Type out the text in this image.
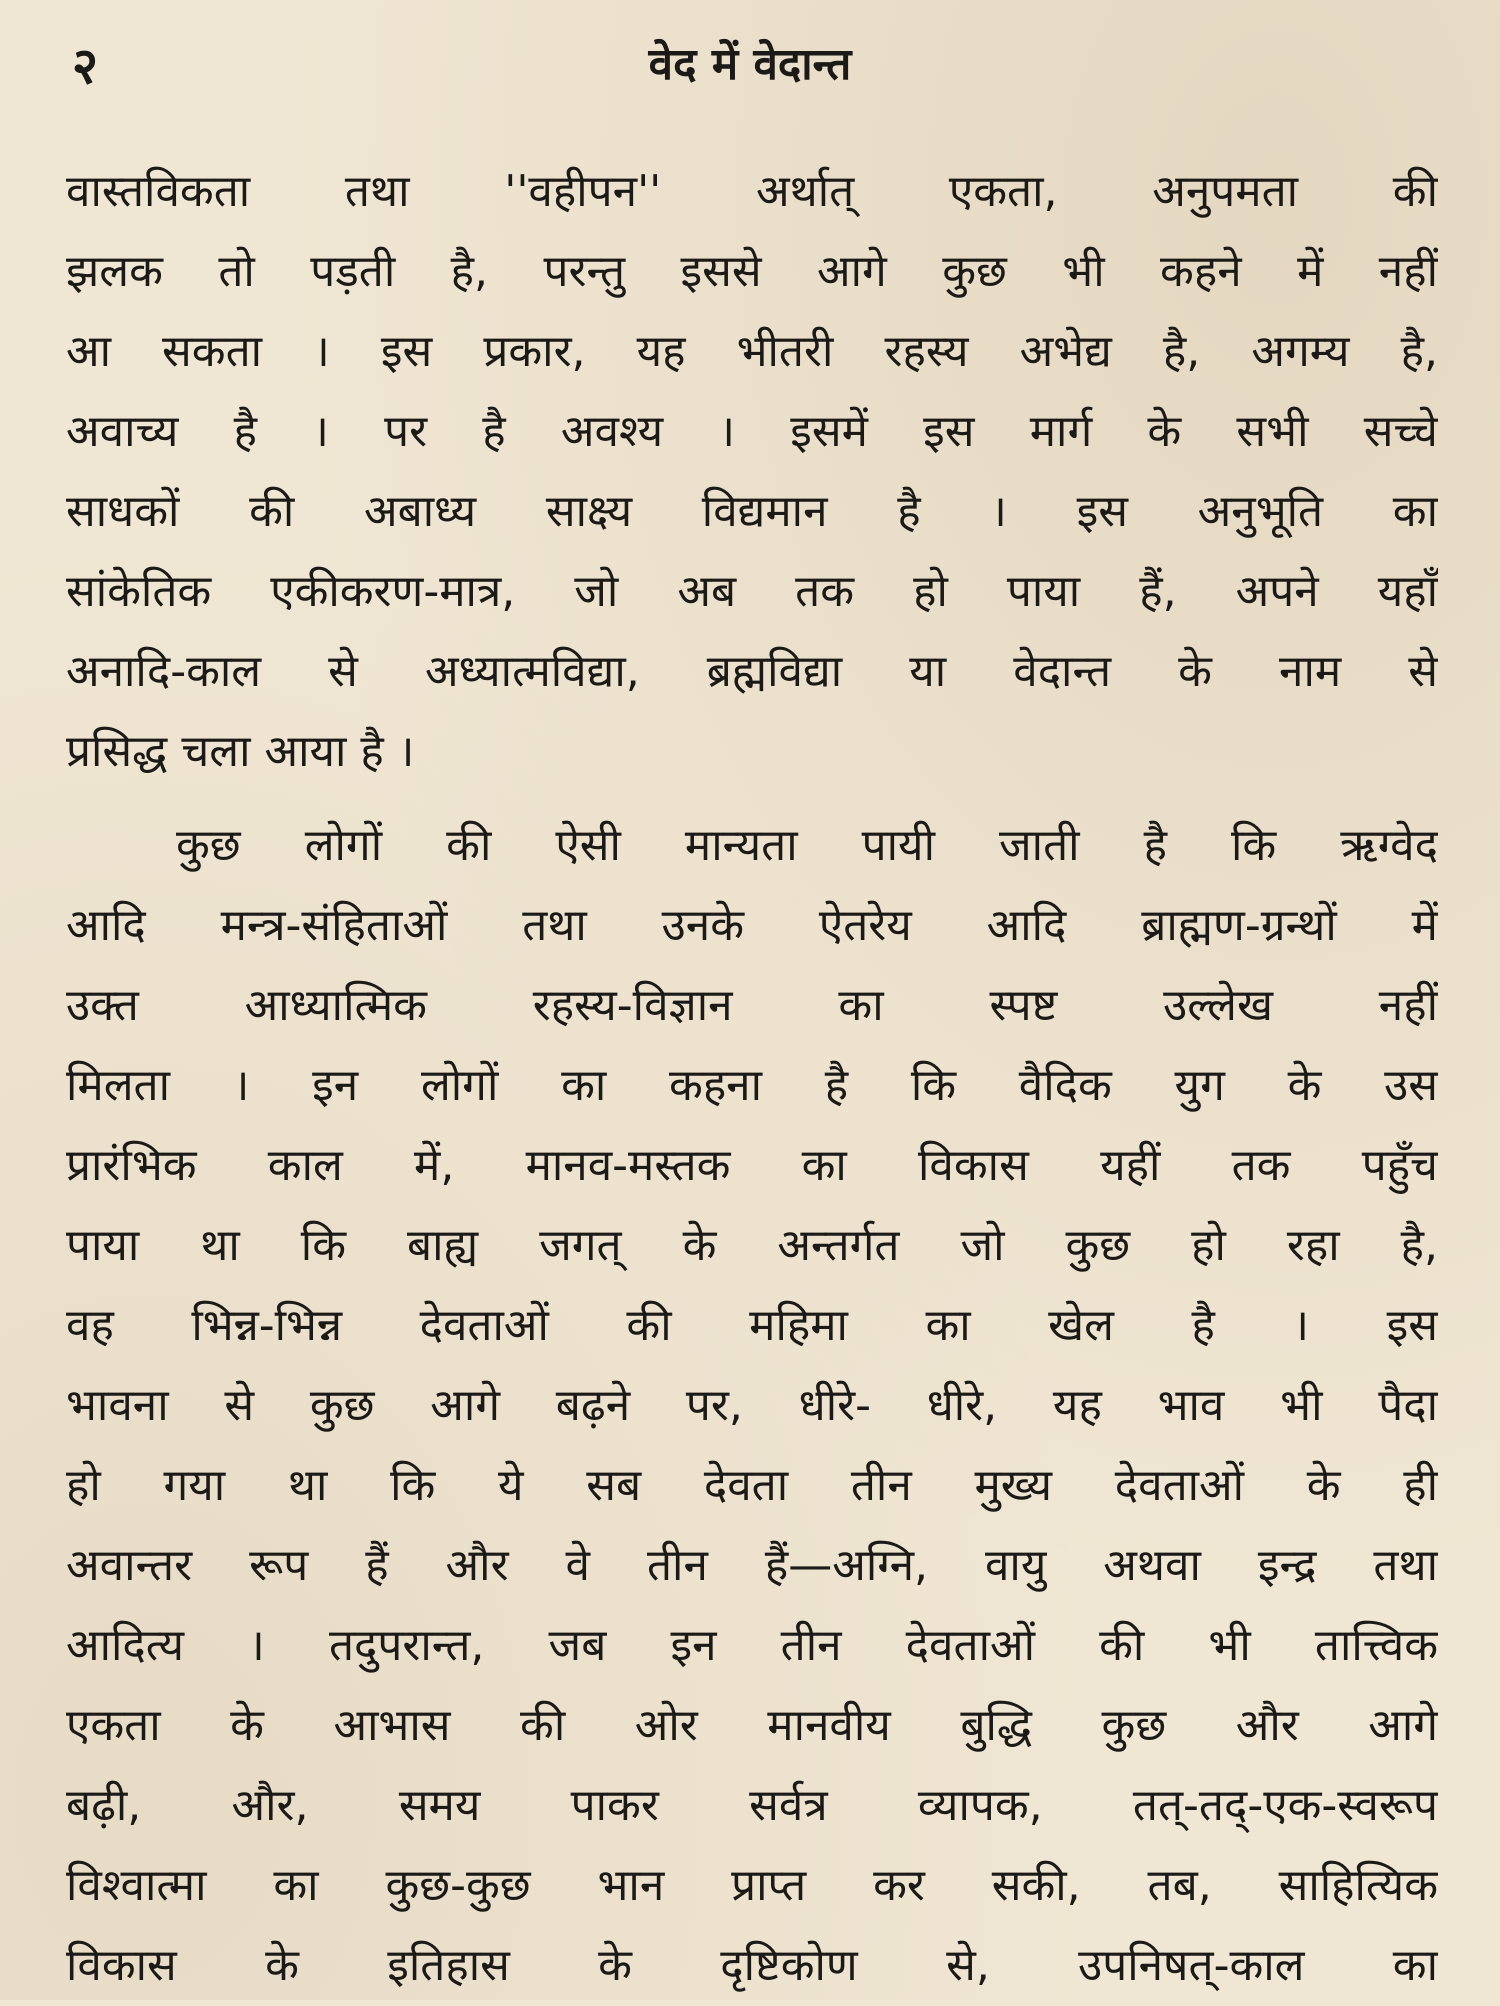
२	वेद में वेदान्त
वास्तविकता तथा ''वहीपन'' अर्थात् एकता, अनुपमता की
झलक तो पड़ती है, परन्तु इससे आगे कुछ भी कहने में नहीं
आ सकता । इस प्रकार, यह भीतरी रहस्य अभेद्य है, अगम्य है,
अवाच्य है । पर है अवश्य । इसमें इस मार्ग के सभी सच्चे
साधकों की अबाध्य साक्ष्य विद्यमान है । इस अनुभूति का
सांकेतिक एकीकरण-मात्र, जो अब तक हो पाया हैं, अपने यहाँ
अनादि-काल से अध्यात्मविद्या, ब्रह्मविद्या या वेदान्त के नाम से
प्रसिद्ध चला आया है ।
कुछ लोगों की ऐसी मान्यता पायी जाती है कि ऋग्वेद
आदि मन्त्र-संहिताओं तथा उनके ऐतरेय आदि ब्राह्मण-ग्रन्थों में
उक्त आध्यात्मिक रहस्य-विज्ञान का स्पष्ट उल्लेख नहीं
मिलता । इन लोगों का कहना है कि वैदिक युग के उस
प्रारंभिक काल में, मानव-मस्तक का विकास यहीं तक पहुँच
पाया था कि बाह्य जगत् के अन्तर्गत जो कुछ हो रहा है,
वह भिन्न-भिन्न देवताओं की महिमा का खेल है । इस
भावना से कुछ आगे बढ़ने पर, धीरे- धीरे, यह भाव भी पैदा
हो गया था कि ये सब देवता तीन मुख्य देवताओं के ही
अवान्तर रूप हैं और वे तीन हैं—अग्नि, वायु अथवा इन्द्र तथा
आदित्य । तदुपरान्त, जब इन तीन देवताओं की भी तात्त्विक
एकता के आभास की ओर मानवीय बुद्धि कुछ और आगे
बढ़ी, और, समय पाकर सर्वत्र व्यापक, तत्-तद्-एक-स्वरूप
विश्वात्मा का कुछ-कुछ भान प्राप्त कर सकी, तब, साहित्यिक
विकास के इतिहास के दृष्टिकोण से, उपनिषत्-काल का
